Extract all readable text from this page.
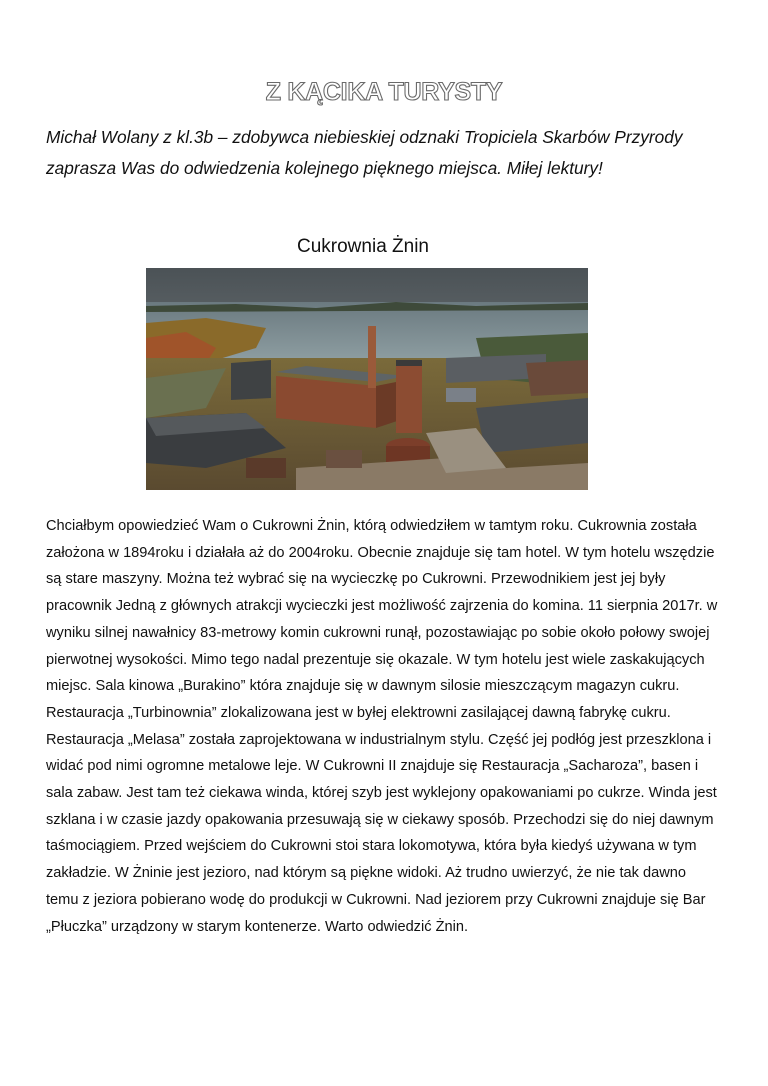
Z KĄCIKA TURYSTY
Michał Wolany z kl.3b – zdobywca niebieskiej odznaki Tropiciela Skarbów Przyrody zaprasza Was do odwiedzenia kolejnego pięknego miejsca. Miłej lektury!
Cukrownia Żnin

Chciałbym opowiedzieć Wam o Cukrowni Żnin, którą odwiedziłem w tamtym roku. Cukrownia została założona w 1894roku i działała aż do 2004roku. Obecnie znajduje się tam hotel. W tym hotelu wszędzie są stare maszyny. Można też wybrać się na wycieczkę po Cukrowni. Przewodnikiem jest jej były pracownik Jedną z głównych atrakcji wycieczki jest możliwość zajrzenia do komina. 11 sierpnia 2017r. w wyniku silnej nawałnicy 83-metrowy komin cukrowni runął, pozostawiając po sobie około połowy swojej pierwotnej wysokości. Mimo tego nadal prezentuje się okazale. W tym hotelu jest wiele zaskakujących miejsc. Sala kinowa „Burakino” która znajduje się w dawnym silosie mieszczącym magazyn cukru. Restauracja „Turbinownia” zlokalizowana jest w byłej elektrowni zasilającej dawną fabrykę cukru. Restauracja „Melasa” została zaprojektowana w industrialnym stylu. Część jej podłóg jest przeszklona i widać pod nimi ogromne metalowe leje. W Cukrowni II znajduje się Restauracja „Sacharoza”, basen i sala zabaw. Jest tam też ciekawa winda, której szyb jest wyklejony opakowaniami po cukrze. Winda jest szklana i w czasie jazdy opakowania przesuwają się w ciekawy sposób. Przechodzi się do niej dawnym taśmociągiem. Przed wejściem do Cukrowni stoi stara lokomotywa, która była kiedyś używana w tym zakładzie. W Żninie jest jezioro, nad którym są piękne widoki. Aż trudno uwierzyć, że nie tak dawno temu z jeziora pobierano wodę do produkcji w Cukrowni. Nad jeziorem przy Cukrowni znajduje się Bar „Płuczka” urządzony w starym kontenerze. Warto odwiedzić Żnin.
